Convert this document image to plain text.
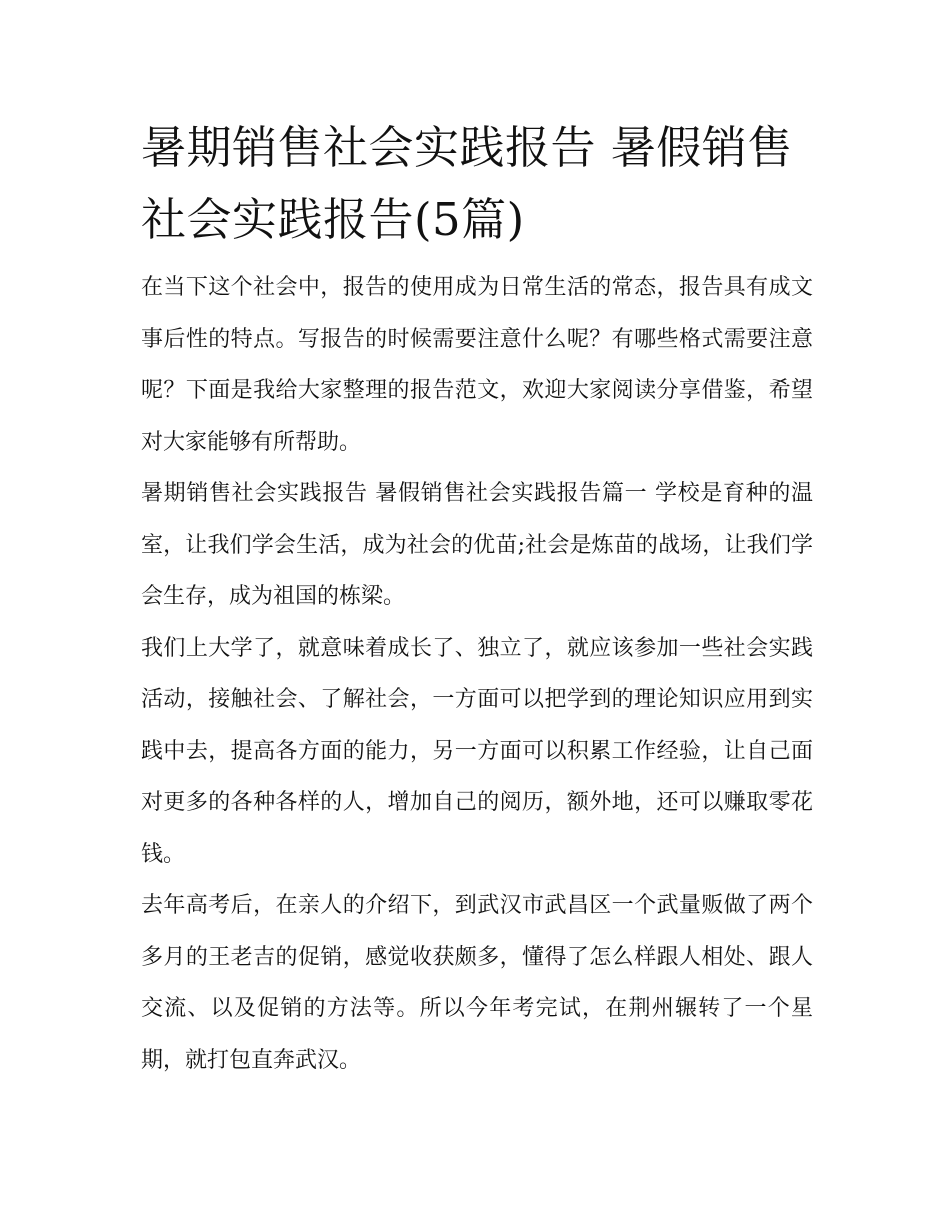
暑期销售社会实践报告 暑假销售社会实践报告(5篇)

在当下这个社会中，报告的使用成为日常生活的常态，报告具有成文事后性的特点。写报告的时候需要注意什么呢？有哪些格式需要注意呢？下面是我给大家整理的报告范文，欢迎大家阅读分享借鉴，希望对大家能够有所帮助。

暑期销售社会实践报告 暑假销售社会实践报告篇一 学校是育种的温室，让我们学会生活，成为社会的优苗;社会是炼苗的战场，让我们学会生存，成为祖国的栋梁。

我们上大学了，就意味着成长了、独立了，就应该参加一些社会实践活动，接触社会、了解社会，一方面可以把学到的理论知识应用到实践中去，提高各方面的能力，另一方面可以积累工作经验，让自己面对更多的各种各样的人，增加自己的阅历，额外地，还可以赚取零花钱。

去年高考后，在亲人的介绍下，到武汉市武昌区一个武量贩做了两个多月的王老吉的促销，感觉收获颇多，懂得了怎么样跟人相处、跟人交流、以及促销的方法等。所以今年考完试，在荆州辗转了一个星期，就打包直奔武汉。
